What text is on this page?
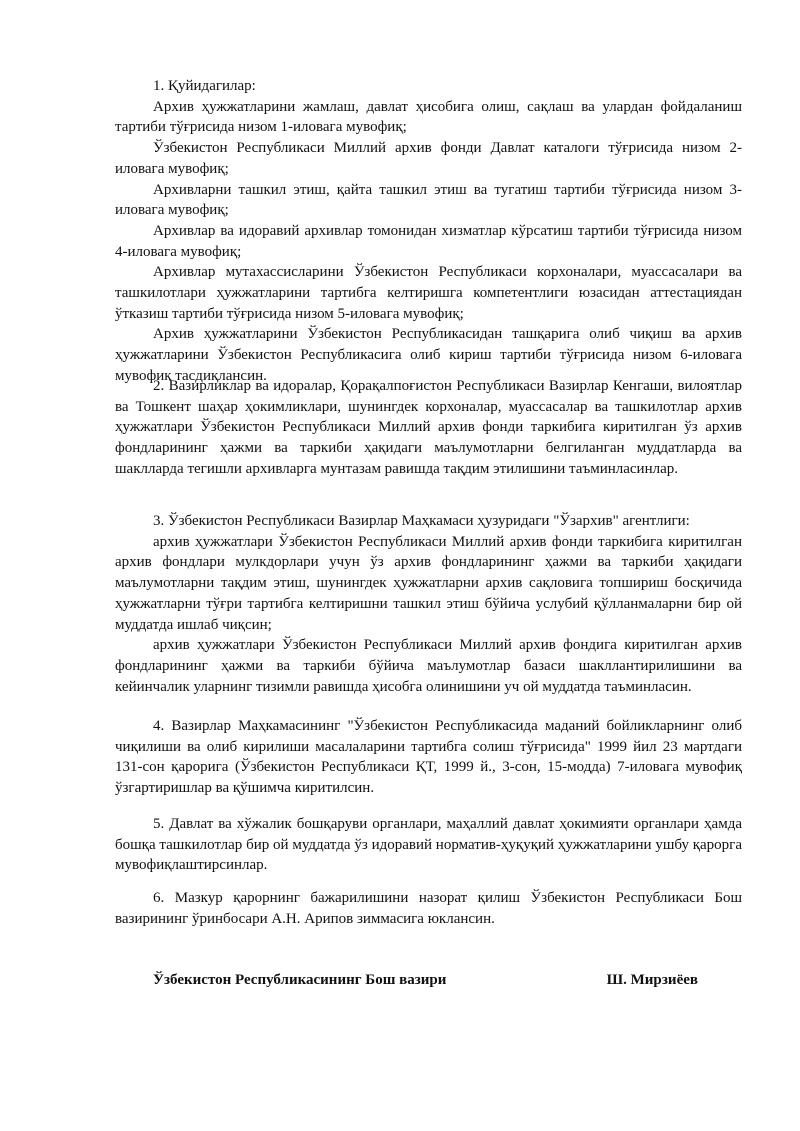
1. Қуйидагилар:

Архив ҳужжатларини жамлаш, давлат ҳисобига олиш, сақлаш ва улардан фойдаланиш тартиби тўғрисида низом 1-иловага мувофиқ;

Ўзбекистон Республикаси Миллий архив фонди Давлат каталоги тўғрисида низом 2-иловага мувофиқ;

Архивларни ташкил этиш, қайта ташкил этиш ва тугатиш тартиби тўғрисида низом 3-иловага мувофиқ;

Архивлар ва идоравий архивлар томонидан хизматлар кўрсатиш тартиби тўғрисида низом 4-иловага мувофиқ;

Архивлар мутахассисларини Ўзбекистон Республикаси корхоналари, муассасалари ва ташкилотлари ҳужжатларини тартибга келтиришга компетентлиги юзасидан аттестациядан ўтказиш тартиби тўғрисида низом 5-иловага мувофиқ;

Архив ҳужжатларини Ўзбекистон Республикасидан ташқарига олиб чиқиш ва архив ҳужжатларини Ўзбекистон Республикасига олиб кириш тартиби тўғрисида низом 6-иловага мувофиқ тасдиқлансин.

2. Вазирликлар ва идоралар, Қорақалпоғистон Республикаси Вазирлар Кенгаши, вилоятлар ва Тошкент шаҳар ҳокимликлари, шунингдек корхоналар, муассасалар ва ташкилотлар архив ҳужжатлари Ўзбекистон Республикаси Миллий архив фонди таркибига киритилган ўз архив фондларининг ҳажми ва таркиби ҳақидаги маълумотларни белгиланган муддатларда ва шаклларда тегишли архивларга мунтазам равишда тақдим этилишини таъминласинлар.

3. Ўзбекистон Республикаси Вазирлар Маҳкамаси ҳузуридаги "Ўзархив" агентлиги:

архив ҳужжатлари Ўзбекистон Республикаси Миллий архив фонди таркибига киритилган архив фондлари мулкдорлари учун ўз архив фондларининг ҳажми ва таркиби ҳақидаги маълумотларни тақдим этиш, шунингдек ҳужжатларни архив сақловига топшириш босқичида ҳужжатларни тўғри тартибга келтиришни ташкил этиш бўйича услубий қўлланмаларни бир ой муддатда ишлаб чиқсин;

архив ҳужжатлари Ўзбекистон Республикаси Миллий архив фондига киритилган архив фондларининг ҳажми ва таркиби бўйича маълумотлар базаси шакллантирилишини ва кейинчалик уларнинг тизимли равишда ҳисобга олинишини уч ой муддатда таъминласин.

4. Вазирлар Маҳкамасининг "Ўзбекистон Республикасида маданий бойликларнинг олиб чиқилиши ва олиб кирилиши масалаларини тартибга солиш тўғрисида" 1999 йил 23 мартдаги 131-сон қарорига (Ўзбекистон Республикаси ҚТ, 1999 й., 3-сон, 15-модда) 7-иловага мувофиқ ўзгартиришлар ва қўшимча киритилсин.

5. Давлат ва хўжалик бошқаруви органлари, маҳаллий давлат ҳокимияти органлари ҳамда бошқа ташкилотлар бир ой муддатда ўз идоравий норматив-ҳуқуқий ҳужжатларини ушбу қарорга мувофиқлаштирсинлар.

6. Мазкур қарорнинг бажарилишини назорат қилиш Ўзбекистон Республикаси Бош вазирининг ўринбосари А.Н. Арипов зиммасига юклансин.

Ўзбекистон Республикасининг Бош вазири	Ш. Мирзиёев
